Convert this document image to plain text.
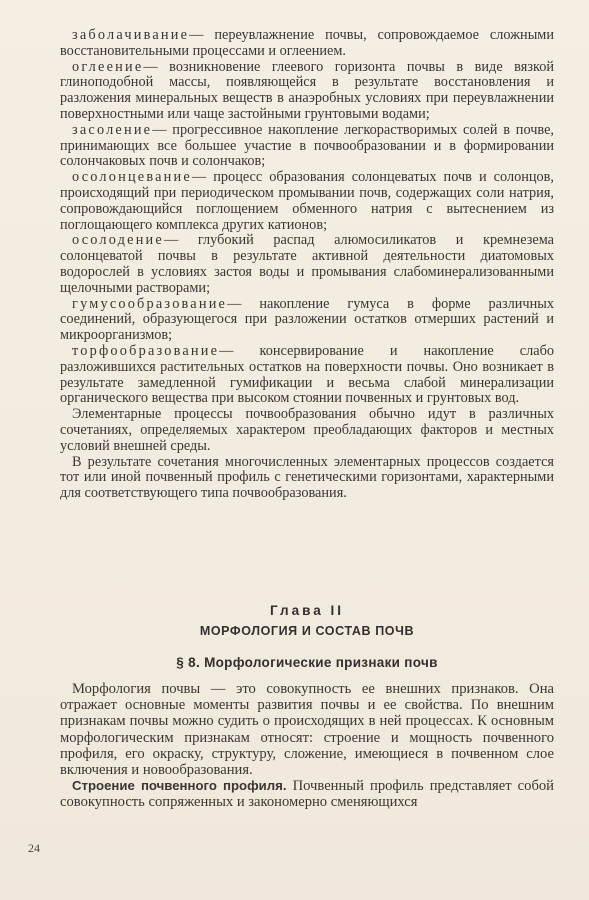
заболачивание— переувлажнение почвы, сопровождаемое сложными восстановительными процессами и оглеением.

оглеение— возникновение глеевого горизонта почвы в виде вязкой глиноподобной массы, появляющейся в результате восстановления и разложения минеральных веществ в анаэробных условиях при переувлажнении поверхностными или чаще застойными грунтовыми водами;

засоление— прогрессивное накопление легкорастворимых солей в почве, принимающих все большее участие в почвообразовании и в формировании солончаковых почв и солончаков;

осолонцевание— процесс образования солонцеватых почв и солонцов, происходящий при периодическом промывании почв, содержащих соли натрия, сопровождающийся поглощением обменного натрия с вытеснением из поглощающего комплекса других катионов;

осолодение— глубокий распад алюмосиликатов и кремнезема солонцеватой почвы в результате активной деятельности диатомовых водорослей в условиях застоя воды и промывания слабоминерализованными щелочными растворами;

гумусообразование— накопление гумуса в форме различных соединений, образующегося при разложении остатков отмерших растений и микроорганизмов;

торфообразование— консервирование и накопление слабо разложившихся растительных остатков на поверхности почвы. Оно возникает в результате замедленной гумификации и весьма слабой минерализации органического вещества при высоком стоянии почвенных и грунтовых вод.

Элементарные процессы почвообразования обычно идут в различных сочетаниях, определяемых характером преобладающих факторов и местных условий внешней среды.

В результате сочетания многочисленных элементарных процессов создается тот или иной почвенный профиль с генетическими горизонтами, характерными для соответствующего типа почвообразования.

Глава II
МОРФОЛОГИЯ И СОСТАВ ПОЧВ
§ 8. Морфологические признаки почв

Морфология почвы — это совокупность ее внешних признаков. Она отражает основные моменты развития почвы и ее свойства. По внешним признакам почвы можно судить о происходящих в ней процессах. К основным морфологическим признакам относят: строение и мощность почвенного профиля, его окраску, структуру, сложение, имеющиеся в почвенном слое включения и новообразования.

Строение почвенного профиля. Почвенный профиль представляет собой совокупность сопряженных и закономерно сменяющихся

24
